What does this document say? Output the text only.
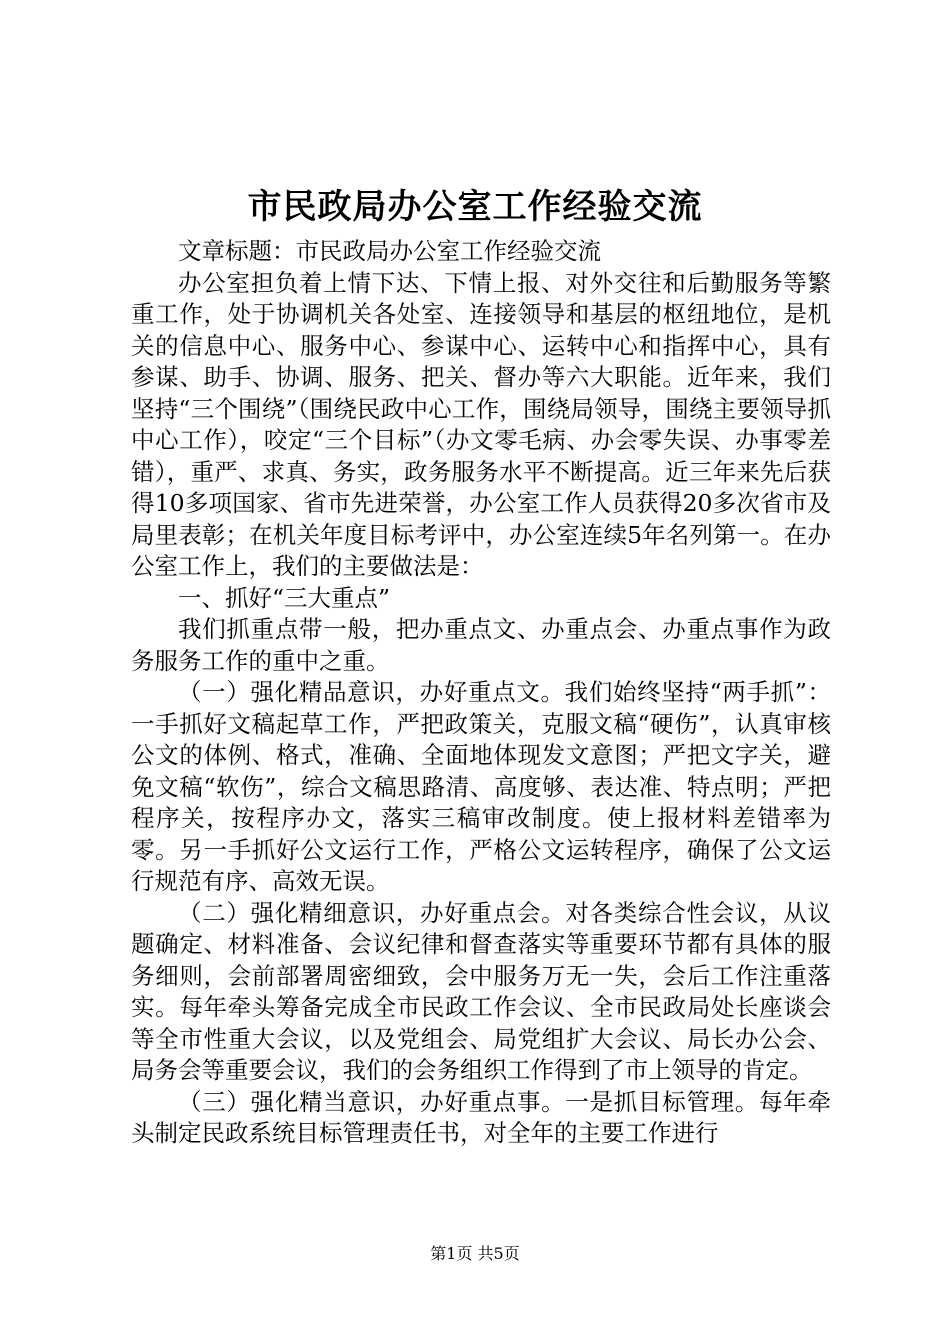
市民政局办公室工作经验交流

文章标题：市民政局办公室工作经验交流

办公室担负着上情下达、下情上报、对外交往和后勤服务等繁重工作，处于协调机关各处室、连接领导和基层的枢纽地位，是机关的信息中心、服务中心、参谋中心、运转中心和指挥中心，具有参谋、助手、协调、服务、把关、督办等六大职能。近年来，我们坚持“三个围绕”（围绕民政中心工作，围绕局领导，围绕主要领导抓中心工作），咬定“三个目标”（办文零毛病、办会零失误、办事零差错），重严、求真、务实，政务服务水平不断提高。近三年来先后获得10多项国家、省市先进荣誉，办公室工作人员获得20多次省市及局里表彰；在机关年度目标考评中，办公室连续5年名列第一。在办公室工作上，我们的主要做法是：

一、抓好“三大重点”

我们抓重点带一般，把办重点文、办重点会、办重点事作为政务服务工作的重中之重。

（一）强化精品意识，办好重点文。我们始终坚持“两手抓”：一手抓好文稿起草工作，严把政策关，克服文稿“硬伤”，认真审核公文的体例、格式，准确、全面地体现发文意图；严把文字关，避免文稿“软伤”，综合文稿思路清、高度够、表达准、特点明；严把程序关，按程序办文，落实三稿审改制度。使上报材料差错率为零。另一手抓好公文运行工作，严格公文运转程序，确保了公文运行规范有序、高效无误。

（二）强化精细意识，办好重点会。对各类综合性会议，从议题确定、材料准备、会议纪律和督查落实等重要环节都有具体的服务细则，会前部署周密细致，会中服务万无一失，会后工作注重落实。每年牵头筹备完成全市民政工作会议、全市民政局处长座谈会等全市性重大会议，以及党组会、局党组扩大会议、局长办公会、局务会等重要会议，我们的会务组织工作得到了市上领导的肯定。

（三）强化精当意识，办好重点事。一是抓目标管理。每年牵头制定民政系统目标管理责任书，对全年的主要工作进行

第1页 共5页
